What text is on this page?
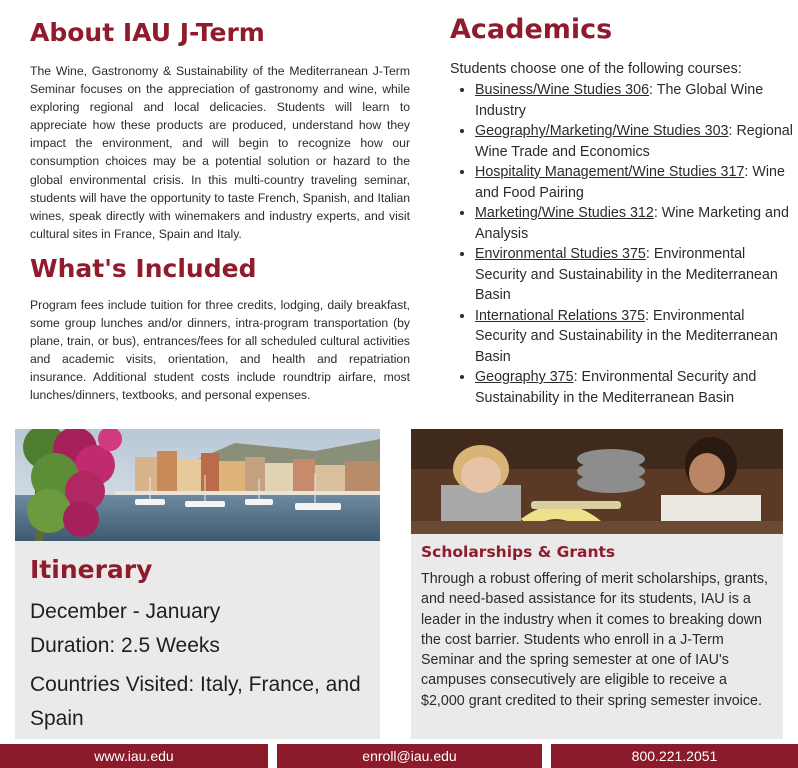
About IAU J-Term

The Wine, Gastronomy & Sustainability of the Mediterranean J-Term Seminar focuses on the appreciation of gastronomy and wine, while exploring regional and local delicacies. Students will learn to appreciate how these products are produced, understand how they impact the environment, and will begin to recognize how our consumption choices may be a potential solution or hazard to the global environmental crisis. In this multi-country traveling seminar, students will have the opportunity to taste French, Spanish, and Italian wines, speak directly with winemakers and industry experts, and visit cultural sites in France, Spain and Italy.

What's Included

Program fees include tuition for three credits, lodging, daily breakfast, some group lunches and/or dinners, intra-program transportation (by plane, train, or bus), entrances/fees for all scheduled cultural activities and academic visits, orientation, and health and repatriation insurance. Additional student costs include roundtrip airfare, most lunches/dinners, textbooks, and personal expenses.

Academics

Students choose one of the following courses:

• Business/Wine Studies 306: The Global Wine Industry
• Geography/Marketing/Wine Studies 303: Regional Wine Trade and Economics
• Hospitality Management/Wine Studies 317: Wine and Food Pairing
• Marketing/Wine Studies 312: Wine Marketing and Analysis
• Environmental Studies 375: Environmental Security and Sustainability in the Mediterranean Basin
• International Relations 375: Environmental Security and Sustainability in the Mediterranean Basin
• Geography 375: Environmental Security and Sustainability in the Mediterranean Basin
Itinerary

December - January

Duration: 2.5 Weeks

Countries Visited: Italy, France, and Spain

Scholarships & Grants

Through a robust offering of merit scholarships, grants, and need-based assistance for its students, IAU is a leader in the industry when it comes to breaking down the cost barrier. Students who enroll in a J-Term Seminar and the spring semester at one of IAU's campuses consecutively are eligible to receive a $2,000 grant credited to their spring semester invoice.

www.iau.edu	enroll@iau.edu	800.221.2051
